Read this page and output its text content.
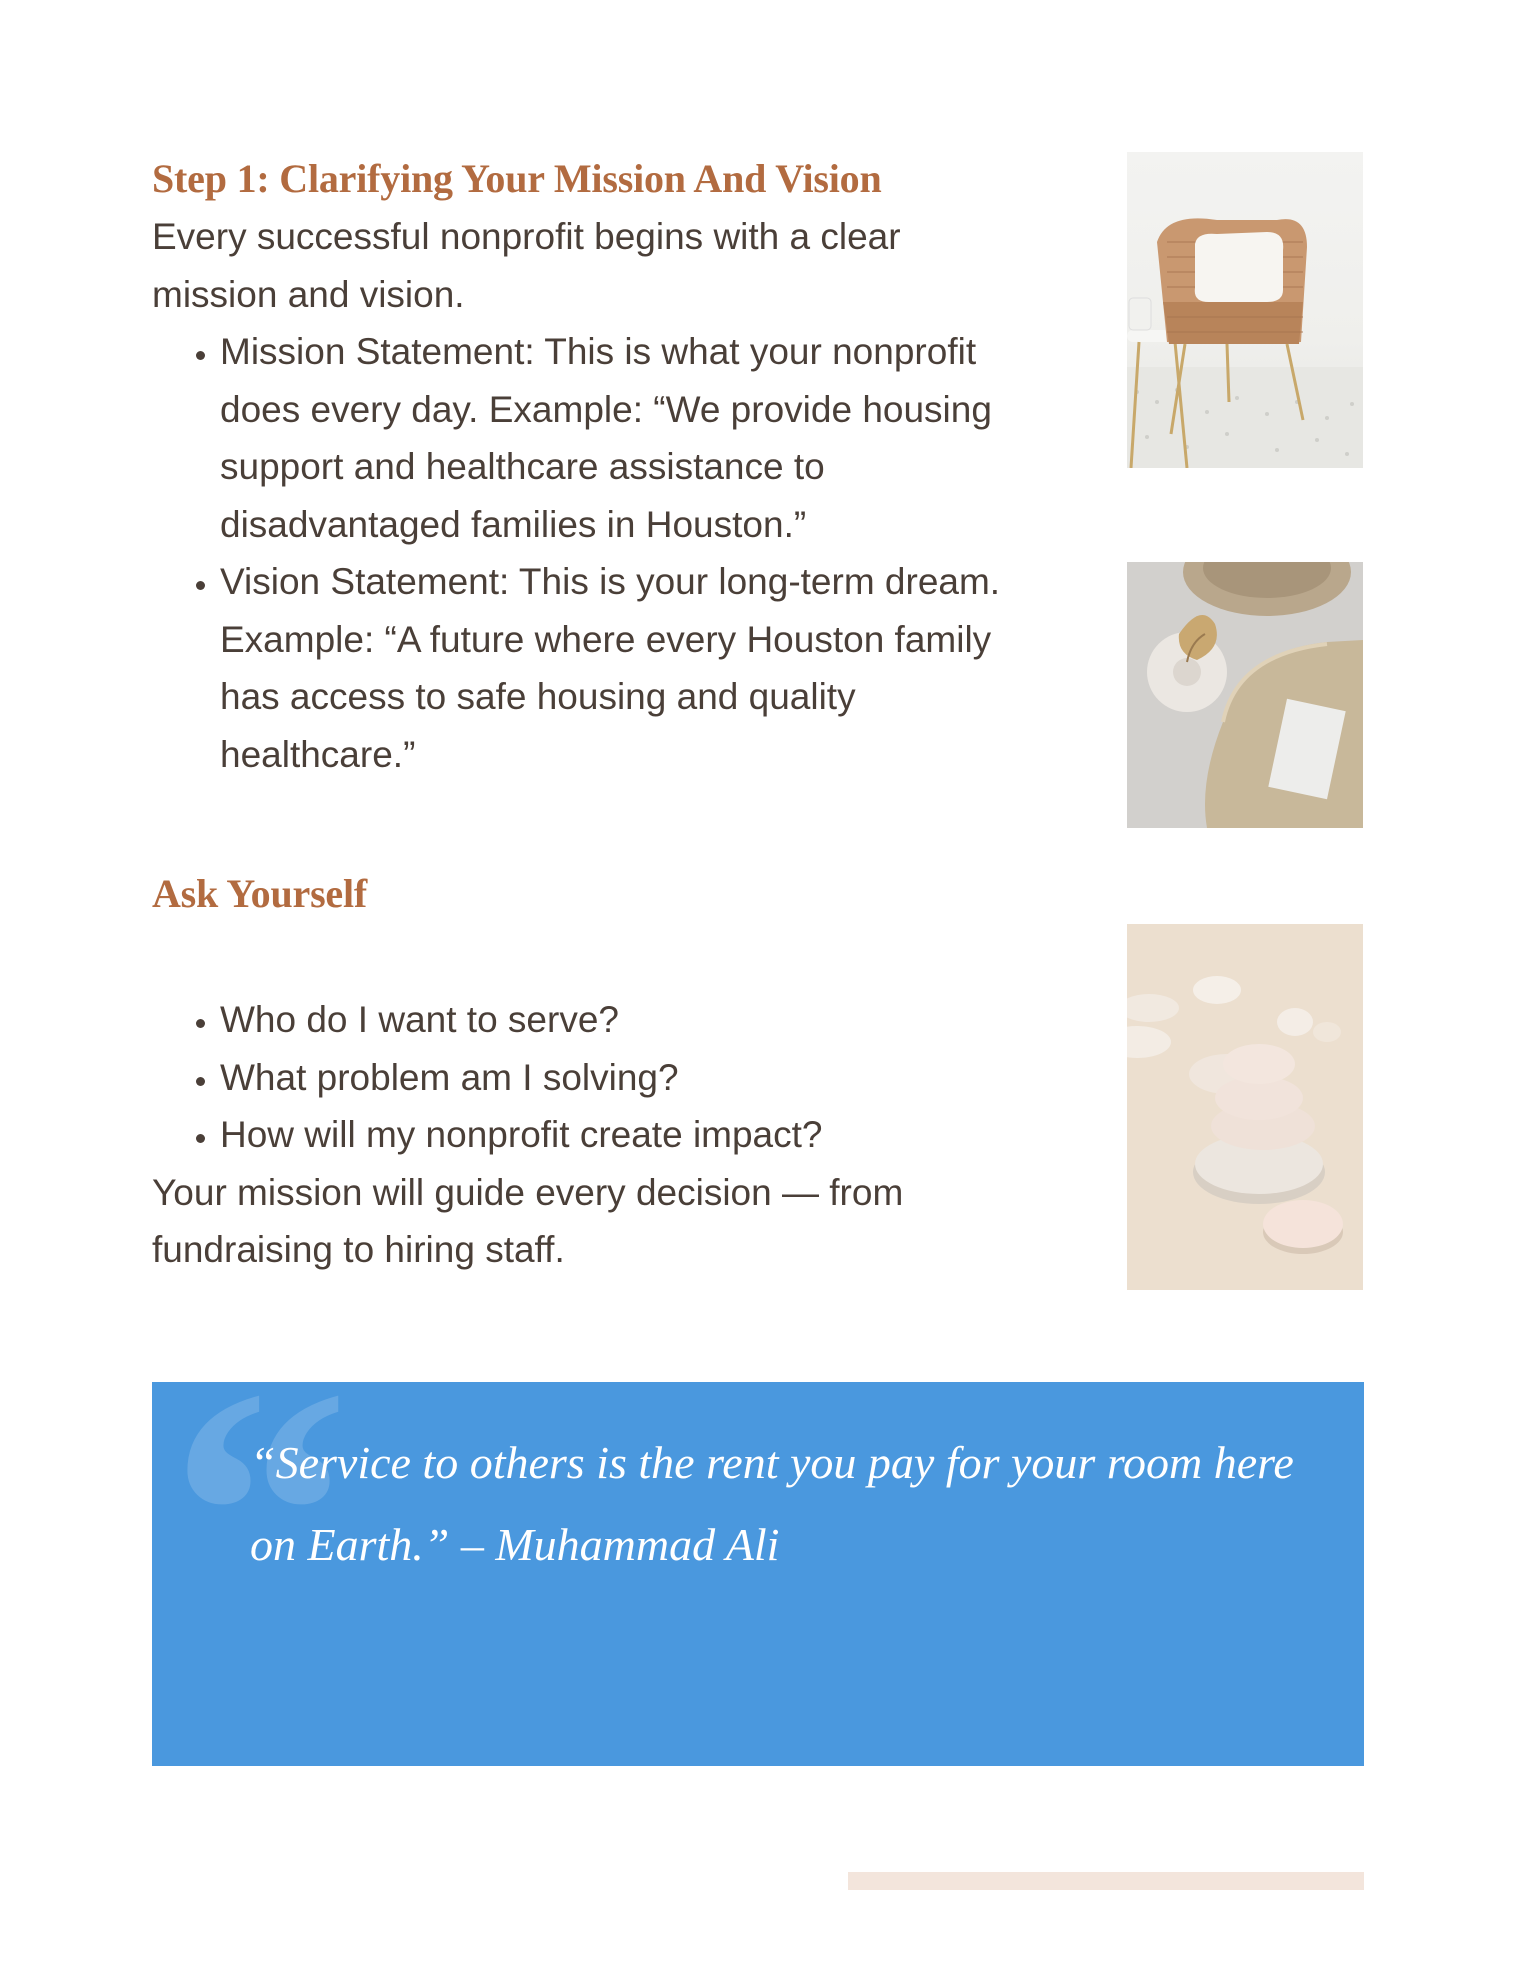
Step 1: Clarifying Your Mission And Vision

Every successful nonprofit begins with a clear mission and vision.

• Mission Statement: This is what your nonprofit does every day. Example: “We provide housing support and healthcare assistance to disadvantaged families in Houston.”
• Vision Statement: This is your long-term dream. Example: “A future where every Houston family has access to safe housing and quality healthcare.”
Ask Yourself
• Who do I want to serve?
• What problem am I solving?
• How will my nonprofit create impact?

Your mission will guide every decision — from fundraising to hiring staff.

“
“Service to others is the rent you pay for your room here on Earth.” – Muhammad Ali
